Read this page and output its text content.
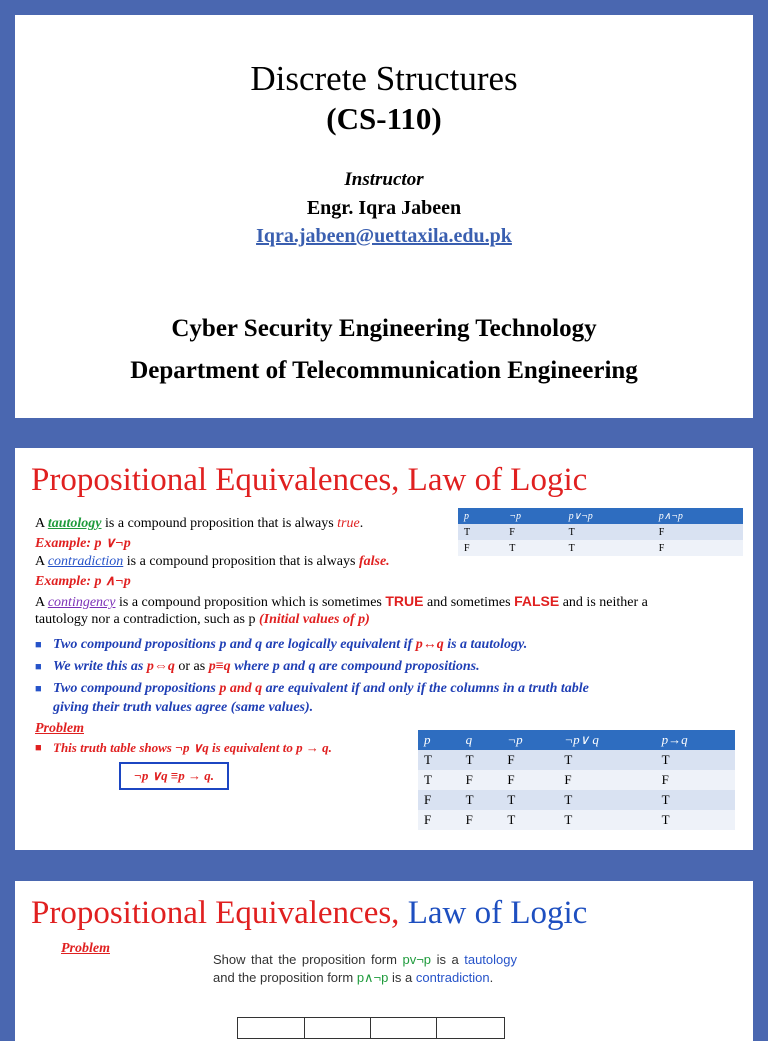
Discrete Structures
(CS-110)
Instructor
Engr. Iqra Jabeen
Iqra.jabeen@uettaxila.edu.pk
Cyber Security Engineering Technology
Department of Telecommunication Engineering
Propositional Equivalences, Law of Logic
A tautology is a compound proposition that is always true.
Example: p ∨¬p
A contradiction is a compound proposition that is always false.
Example: p ∧¬p
A contingency is a compound proposition which is sometimes TRUE and sometimes FALSE and is neither a
tautology nor a contradiction, such as p (Initial values of p)
■ Two compound propositions p and q are logically equivalent if p↔q is a tautology.
■ We write this as p⇔q or as p≡q where p and q are compound propositions.
■ Two compound propositions p and q are equivalent if and only if the columns in a truth table
giving their truth values agree (same values).
Problem
■ This truth table shows ¬p ∨q is equivalent to p → q.
¬p ∨q ≡p → q.
p	¬p	p∨¬p	p∧¬p
T	F	T	F
F	T	T	F
p	q	¬p	¬p∨ q	p→q
T	T	F	T	T
T	F	F	F	F
F	T	T	T	T
F	F	T	T	T
Propositional Equivalences, Law of Logic
Problem
Show that the proposition form pv¬p is a tautology and the proposition form p∧¬p is a contradiction.
